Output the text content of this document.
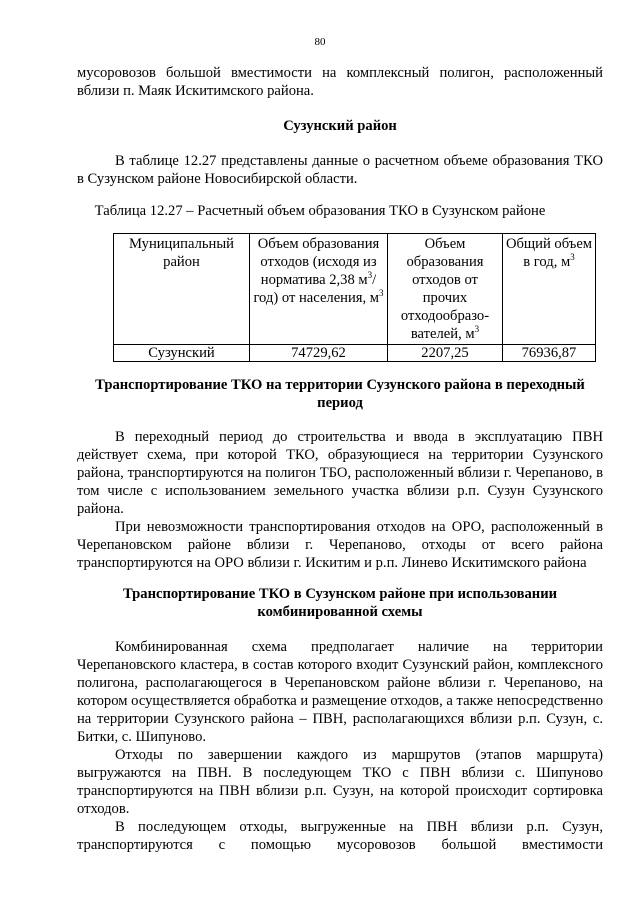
80

мусоровозов большой вместимости на комплексный полигон, расположенный

вблизи п. Маяк Искитимского района.

Сузунский район

В таблице 12.27 представлены данные о расчетном объеме образования ТКО в Сузунском районе Новосибирской области.

Таблица 12.27 – Расчетный объем образования ТКО в Сузунском районе
Муниципальный район	Объем образования отходов (исходя из норматива 2,38 $м^3/год$) от населения, $м^3$	Объем образования отходов от прочих отходообразо-вателей, $м^3$	Общий объем в год, $м^3$
Сузунский	74729,62	2207,25	76936,87

Транспортирование ТКО на территории Сузунского района в переходный

период

В переходный период до строительства и ввода в эксплуатацию ПВН действует схема, при которой ТКО, образующиеся на территории Сузунского района, транспортируются на полигон ТБО, расположенный вблизи г. Черепаново, в том числе с использованием земельного участка вблизи р.п. Сузун Сузунского района.

При невозможности транспортирования отходов на ОРО, расположенный в Черепановском районе вблизи г. Черепаново, отходы от всего района транспортируются на ОРО вблизи г. Искитим и р.п. Линево Искитимского района

Транспортирование ТКО в Сузунском районе при использовании

комбинированной схемы

Комбинированная схема предполагает наличие на территории Черепановского кластера, в состав которого входит Сузунский район, комплексного полигона, располагающегося в Черепановском районе вблизи г. Черепаново, на котором осуществляется обработка и размещение отходов, а также непосредственно на территории Сузунского района – ПВН, располагающихся вблизи р.п. Сузун, с. Битки, с. Шипуново.

Отходы по завершении каждого из маршрутов (этапов маршрута) выгружаются на ПВН. В последующем ТКО с ПВН вблизи с. Шипуново транспортируются на ПВН вблизи р.п. Сузун, на которой происходит сортировка отходов.

В последующем отходы, выгруженные на ПВН вблизи р.п. Сузун, транспортируются с помощью мусоровозов большой вместимости
